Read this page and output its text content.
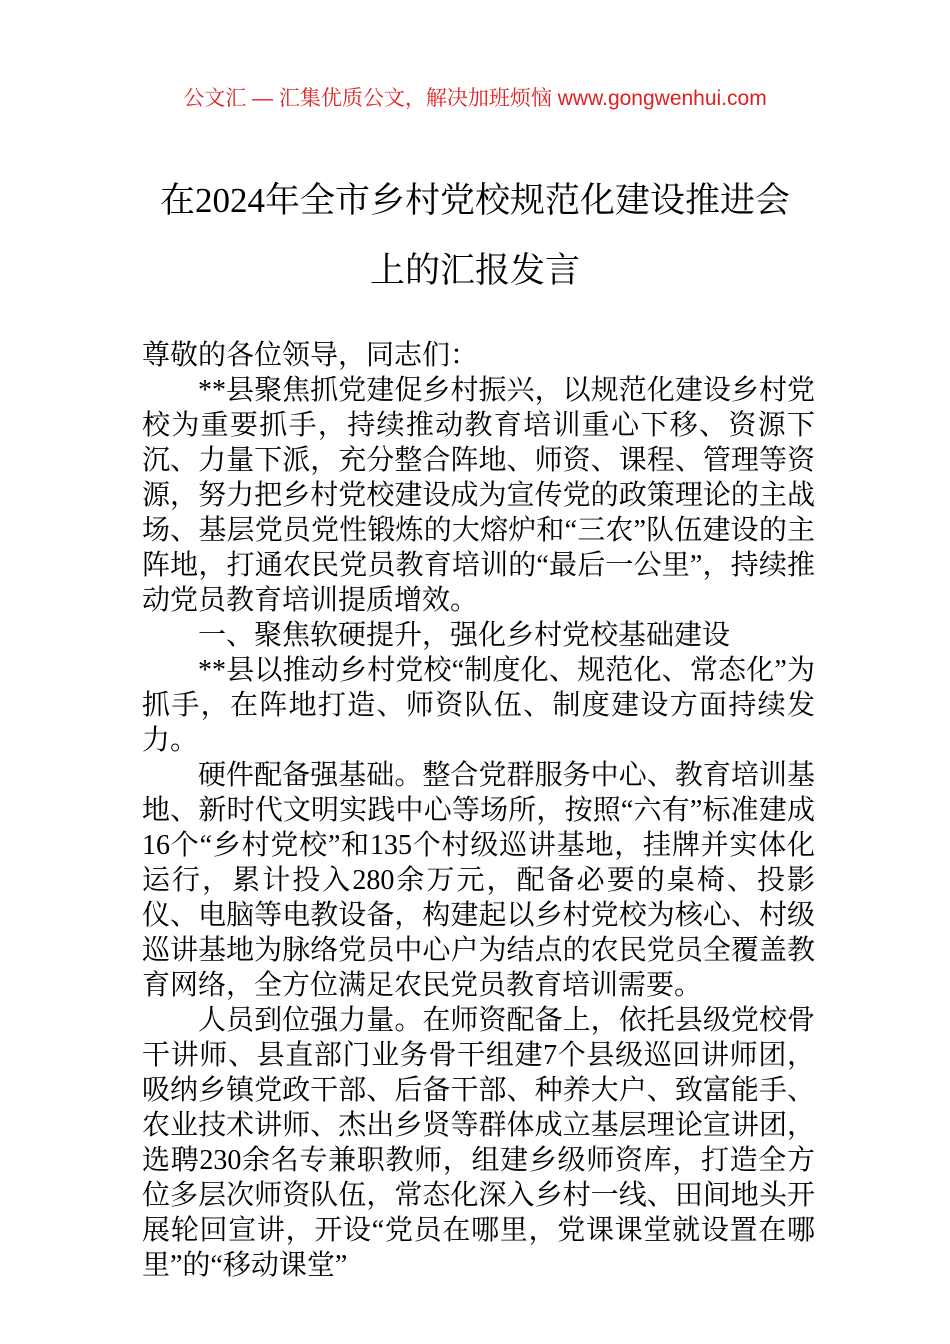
公文汇 — 汇集优质公文，解决加班烦恼 www.gongwenhui.com
在2024年全市乡村党校规范化建设推进会
上的汇报发言

尊敬的各位领导，同志们：

**县聚焦抓党建促乡村振兴，以规范化建设乡村党校为重要抓手，持续推动教育培训重心下移、资源下沉、力量下派，充分整合阵地、师资、课程、管理等资源，努力把乡村党校建设成为宣传党的政策理论的主战场、基层党员党性锻炼的大熔炉和“三农”队伍建设的主阵地，打通农民党员教育培训的“最后一公里”，持续推动党员教育培训提质增效。

一、聚焦软硬提升，强化乡村党校基础建设

**县以推动乡村党校“制度化、规范化、常态化”为抓手，在阵地打造、师资队伍、制度建设方面持续发力。

硬件配备强基础。整合党群服务中心、教育培训基地、新时代文明实践中心等场所，按照“六有”标准建成16个“乡村党校”和135个村级巡讲基地，挂牌并实体化运行，累计投入280余万元，配备必要的桌椅、投影仪、电脑等电教设备，构建起以乡村党校为核心、村级巡讲基地为脉络党员中心户为结点的农民党员全覆盖教育网络，全方位满足农民党员教育培训需要。

人员到位强力量。在师资配备上，依托县级党校骨干讲师、县直部门业务骨干组建7个县级巡回讲师团，吸纳乡镇党政干部、后备干部、种养大户、致富能手、农业技术讲师、杰出乡贤等群体成立基层理论宣讲团，选聘230余名专兼职教师，组建乡级师资库，打造全方位多层次师资队伍，常态化深入乡村一线、田间地头开展轮回宣讲，开设“党员在哪里，党课课堂就设置在哪里”的“移动课堂”
